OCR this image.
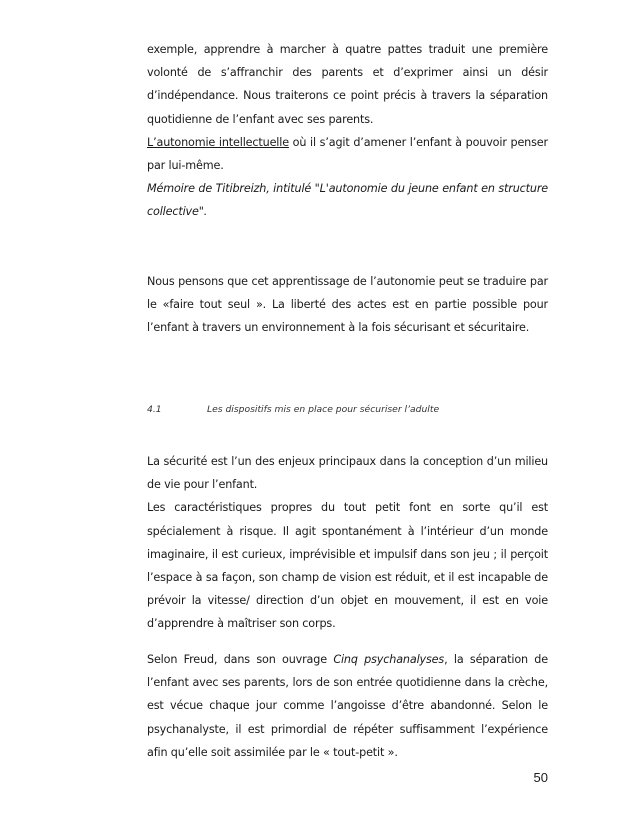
exemple, apprendre à marcher à quatre pattes traduit une première volonté de s’affranchir des parents et d’exprimer ainsi un désir d’indépendance. Nous traiterons ce point précis à travers la séparation quotidienne de l’enfant avec ses parents.

L’autonomie intellectuelle où il s’agit d’amener l’enfant à pouvoir penser par lui-même.

Mémoire de Titibreizh, intitulé "L'autonomie du jeune enfant en structure collective".

Nous pensons que cet apprentissage de l’autonomie peut se traduire par le «faire tout seul ». La liberté des actes est en partie possible pour l’enfant à travers un environnement à la fois sécurisant et sécuritaire.

4.1	Les dispositifs mis en place pour sécuriser l’adulte

La sécurité est l’un des enjeux principaux dans la conception d’un milieu de vie pour l’enfant.

Les caractéristiques propres du tout petit font en sorte qu’il est spécialement à risque. Il agit spontanément à l’intérieur d’un monde imaginaire, il est curieux, imprévisible et impulsif dans son jeu ; il perçoit l’espace à sa façon, son champ de vision est réduit, et il est incapable de prévoir la vitesse/ direction d’un objet en mouvement, il est en voie d’apprendre à maîtriser son corps.

Selon Freud, dans son ouvrage Cinq psychanalyses, la séparation de l’enfant avec ses parents, lors de son entrée quotidienne dans la crèche, est vécue chaque jour comme l’angoisse d’être abandonné. Selon le psychanalyste, il est primordial de répéter suffisamment l’expérience afin qu’elle soit assimilée par le « tout-petit ».

50
